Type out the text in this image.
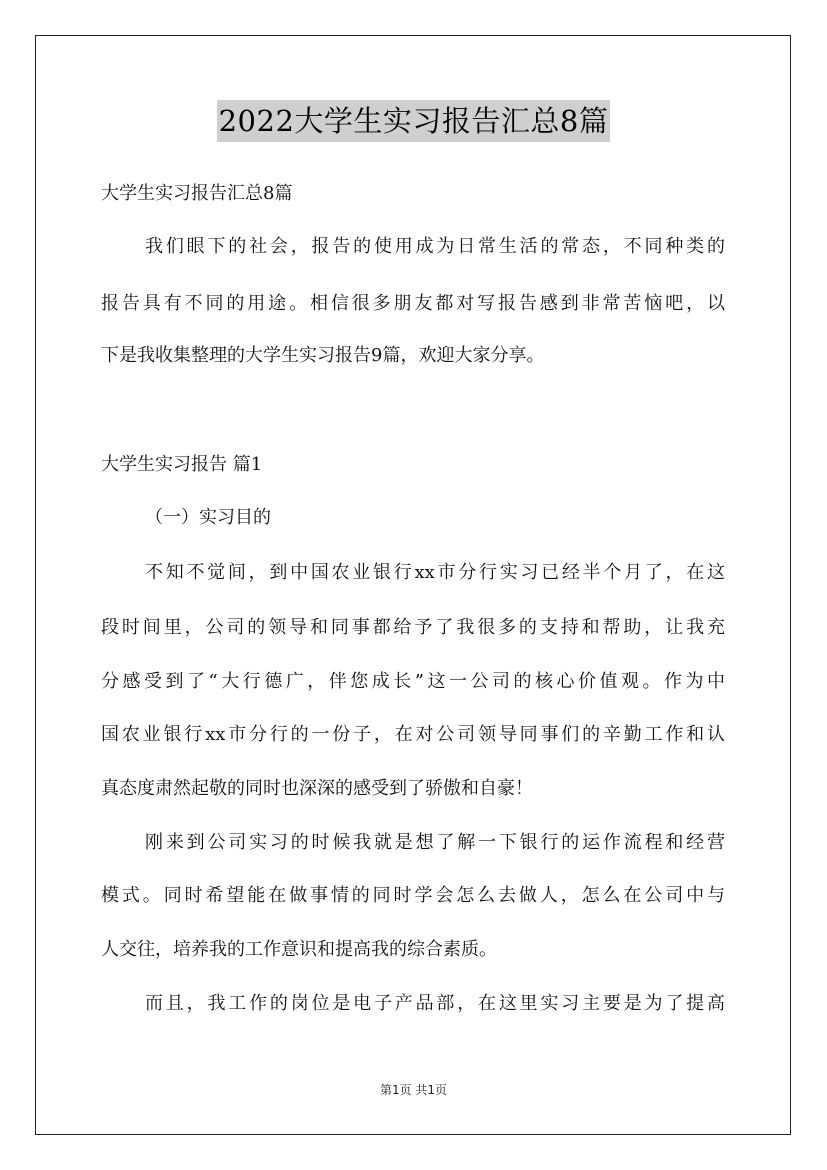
2022大学生实习报告汇总8篇
大学生实习报告汇总8篇
我们眼下的社会，报告的使用成为日常生活的常态，不同种类的
报告具有不同的用途。相信很多朋友都对写报告感到非常苦恼吧，以
下是我收集整理的大学生实习报告9篇，欢迎大家分享。
大学生实习报告 篇1
（一）实习目的
不知不觉间，到中国农业银行xx市分行实习已经半个月了，在这
段时间里，公司的领导和同事都给予了我很多的支持和帮助，让我充
分感受到了“大行德广，伴您成长”这一公司的核心价值观。作为中
国农业银行xx市分行的一份子，在对公司领导同事们的辛勤工作和认
真态度肃然起敬的同时也深深的感受到了骄傲和自豪！
刚来到公司实习的时候我就是想了解一下银行的运作流程和经营
模式。同时希望能在做事情的同时学会怎么去做人，怎么在公司中与
人交往，培养我的工作意识和提高我的综合素质。
而且，我工作的岗位是电子产品部，在这里实习主要是为了提高
第1页 共1页
